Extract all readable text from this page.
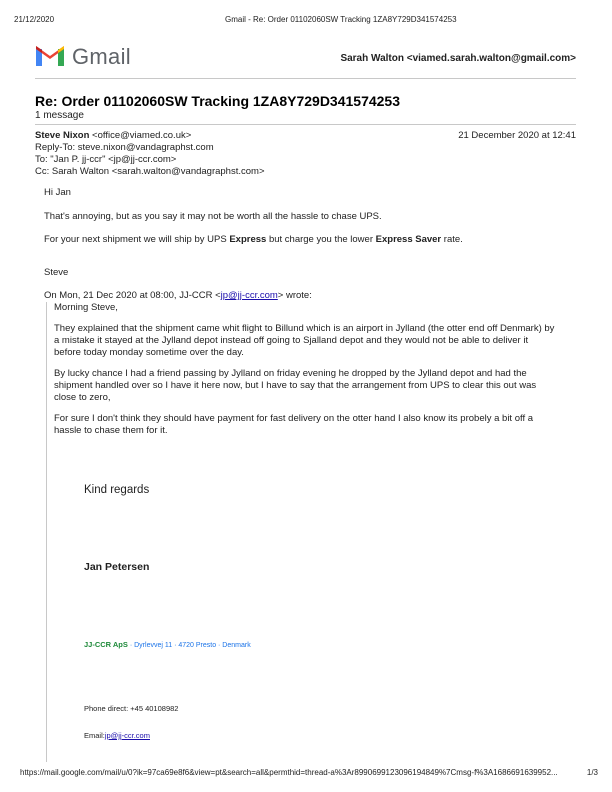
21/12/2020	Gmail - Re: Order 01102060SW Tracking 1ZA8Y729D341574253
Gmail	Sarah Walton <viamed.sarah.walton@gmail.com>
Re: Order 01102060SW Tracking 1ZA8Y729D341574253
1 message
Steve Nixon <office@viamed.co.uk>	21 December 2020 at 12:41
Reply-To: steve.nixon@vandagraphst.com
To: "Jan P. jj-ccr" <jp@jj-ccr.com>
Cc: Sarah Walton <sarah.walton@vandagraphst.com>
Hi Jan
That's annoying, but as you say it may not be worth all the hassle to chase UPS.
For your next shipment we will ship by UPS Express but charge you the lower Express Saver rate.
Steve
On Mon, 21 Dec 2020 at 08:00, JJ-CCR <jp@jj-ccr.com> wrote:
Morning Steve,
They explained that the shipment came whit flight to Billund which is an airport in Jylland (the otter end off Denmark) by
a mistake it stayed at the Jylland depot instead off going to Sjalland depot and they would not be able to deliver it
before today monday sometime over the day.
By lucky chance I had a friend passing by Jylland on friday evening he dropped by the Jylland depot and had the
shipment handled over so I have it here now, but I have to say that the arrangement from UPS to clear this out was
close to zero,
For sure I don't think they should have payment for fast delivery on the otter hand I also know its probely a bit off a
hassle to chase them for it.
Kind regards
Jan Petersen
JJ-CCR ApS · Dyrlevvej 11 · 4720 Presto · Denmark
Phone direct: +45 40108982
Email:jp@jj-ccr.com
https://mail.google.com/mail/u/0?ik=97ca69e8f6&view=pt&search=all&permthid=thread-a%3Ar8990699123096194849%7Cmsg-f%3A1686691639952...	1/3
